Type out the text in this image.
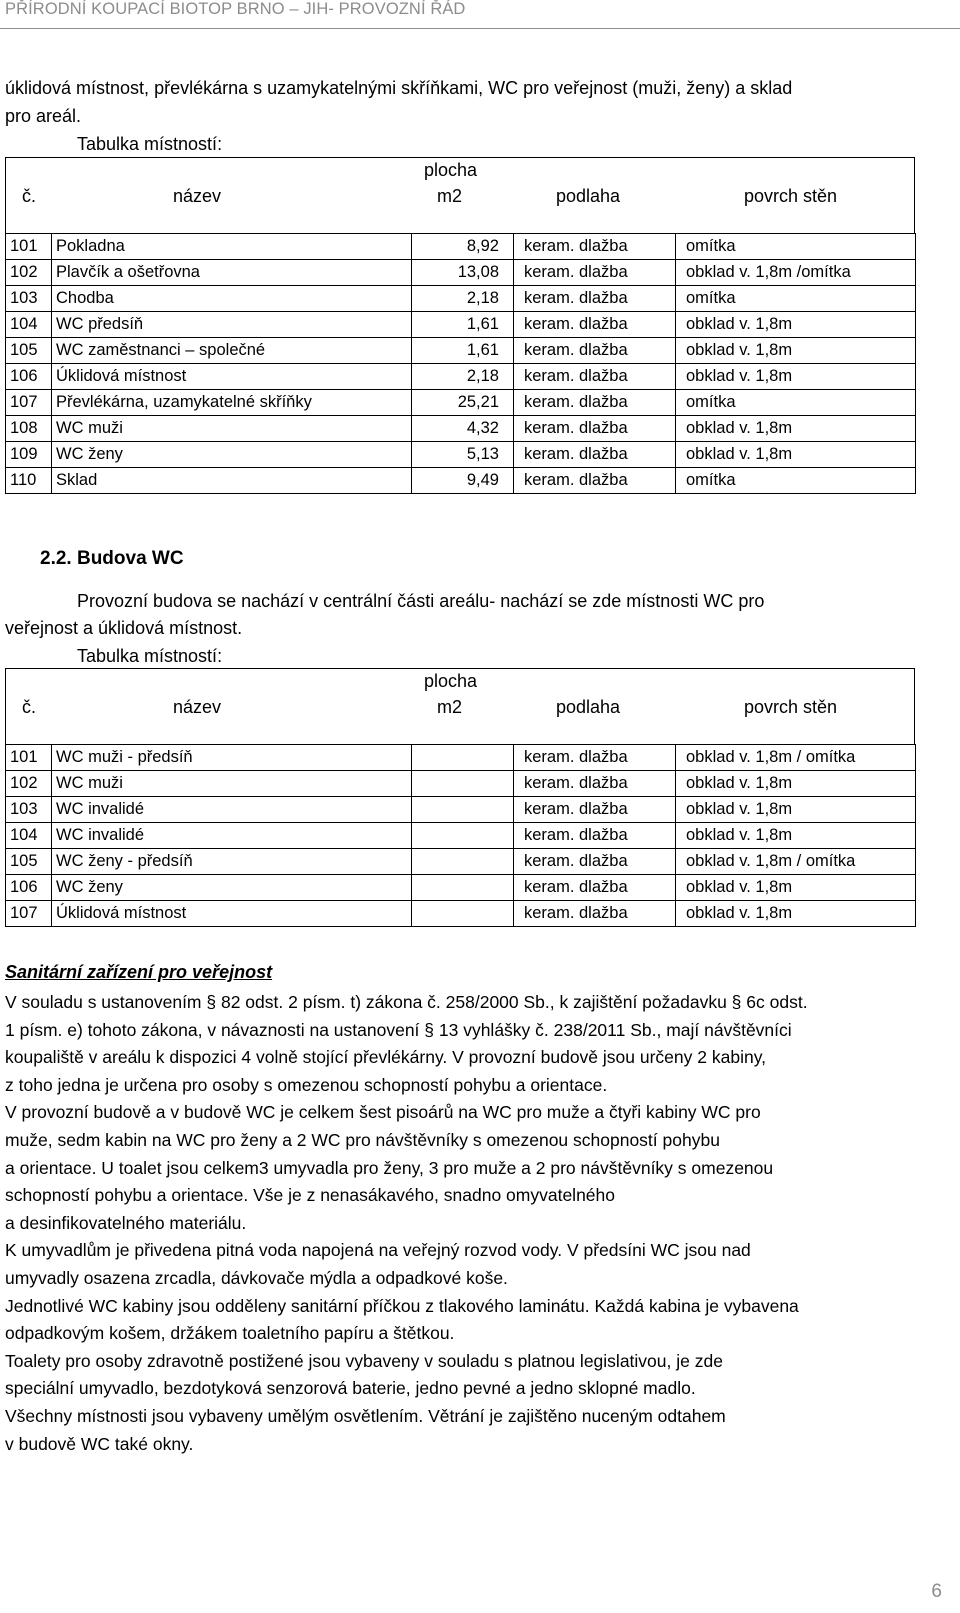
PŘÍRODNÍ KOUPACÍ BIOTOP BRNO – JIH- PROVOZNÍ ŘÁD
úklidová místnost, převlékárna s uzamykatelnými skříňkami, WC pro veřejnost (muži, ženy) a sklad
pro areál.
Tabulka místností:
č.	název
plocha
m2	podlaha	povrch stěn
101	Pokladna	8,92	keram. dlažba	omítka
102	Plavčík a ošetřovna	13,08	keram. dlažba	obklad v. 1,8m /omítka
103	Chodba	2,18	keram. dlažba	omítka
104	WC předsíň	1,61	keram. dlažba	obklad v. 1,8m
105	WC zaměstnanci – společné	1,61	keram. dlažba	obklad v. 1,8m
106	Úklidová místnost	2,18	keram. dlažba	obklad v. 1,8m
107	Převlékárna, uzamykatelné skříňky	25,21	keram. dlažba	omítka
108	WC muži	4,32	keram. dlažba	obklad v. 1,8m
109	WC ženy	5,13	keram. dlažba	obklad v. 1,8m
110	Sklad	9,49	keram. dlažba	omítka
2.2. Budova WC
Provozní budova se nachází v centrální části areálu- nachází se zde místnosti WC pro
veřejnost a úklidová místnost.
Tabulka místností:
č.	název
plocha
m2	podlaha	povrch stěn
101	WC muži - předsíň		keram. dlažba	obklad v. 1,8m / omítka
102	WC muži		keram. dlažba	obklad v. 1,8m
103	WC invalidé		keram. dlažba	obklad v. 1,8m
104	WC invalidé		keram. dlažba	obklad v. 1,8m
105	WC ženy - předsíň		keram. dlažba	obklad v. 1,8m / omítka
106	WC ženy		keram. dlažba	obklad v. 1,8m
107	Úklidová místnost		keram. dlažba	obklad v. 1,8m
Sanitární zařízení pro veřejnost
V souladu s ustanovením § 82 odst. 2 písm. t) zákona č. 258/2000 Sb., k zajištění požadavku § 6c odst.
1 písm. e) tohoto zákona, v návaznosti na ustanovení § 13 vyhlášky č. 238/2011 Sb., mají návštěvníci
koupaliště v areálu k dispozici 4 volně stojící převlékárny. V provozní budově jsou určeny 2 kabiny,
z toho jedna je určena pro osoby s omezenou schopností pohybu a orientace.
V provozní budově a v budově WC je celkem šest pisoárů na WC pro muže a čtyři kabiny WC pro
muže, sedm kabin na WC pro ženy a 2 WC pro návštěvníky s omezenou schopností pohybu
a orientace. U toalet jsou celkem3 umyvadla pro ženy, 3 pro muže a 2 pro návštěvníky s omezenou
schopností pohybu a orientace. Vše je z nenasákavého, snadno omyvatelného
a desinfikovatelného materiálu.
K umyvadlům je přivedena pitná voda napojená na veřejný rozvod vody. V předsíni WC jsou nad
umyvadly osazena zrcadla, dávkovače mýdla a odpadkové koše.
Jednotlivé WC kabiny jsou odděleny sanitární příčkou z tlakového laminátu. Každá kabina je vybavena
odpadkovým košem, držákem toaletního papíru a štětkou.
Toalety pro osoby zdravotně postižené jsou vybaveny v souladu s platnou legislativou, je zde
speciální umyvadlo, bezdotyková senzorová baterie, jedno pevné a jedno sklopné madlo.
Všechny místnosti jsou vybaveny umělým osvětlením. Větrání je zajištěno nuceným odtahem
v budově WC také okny.
6
